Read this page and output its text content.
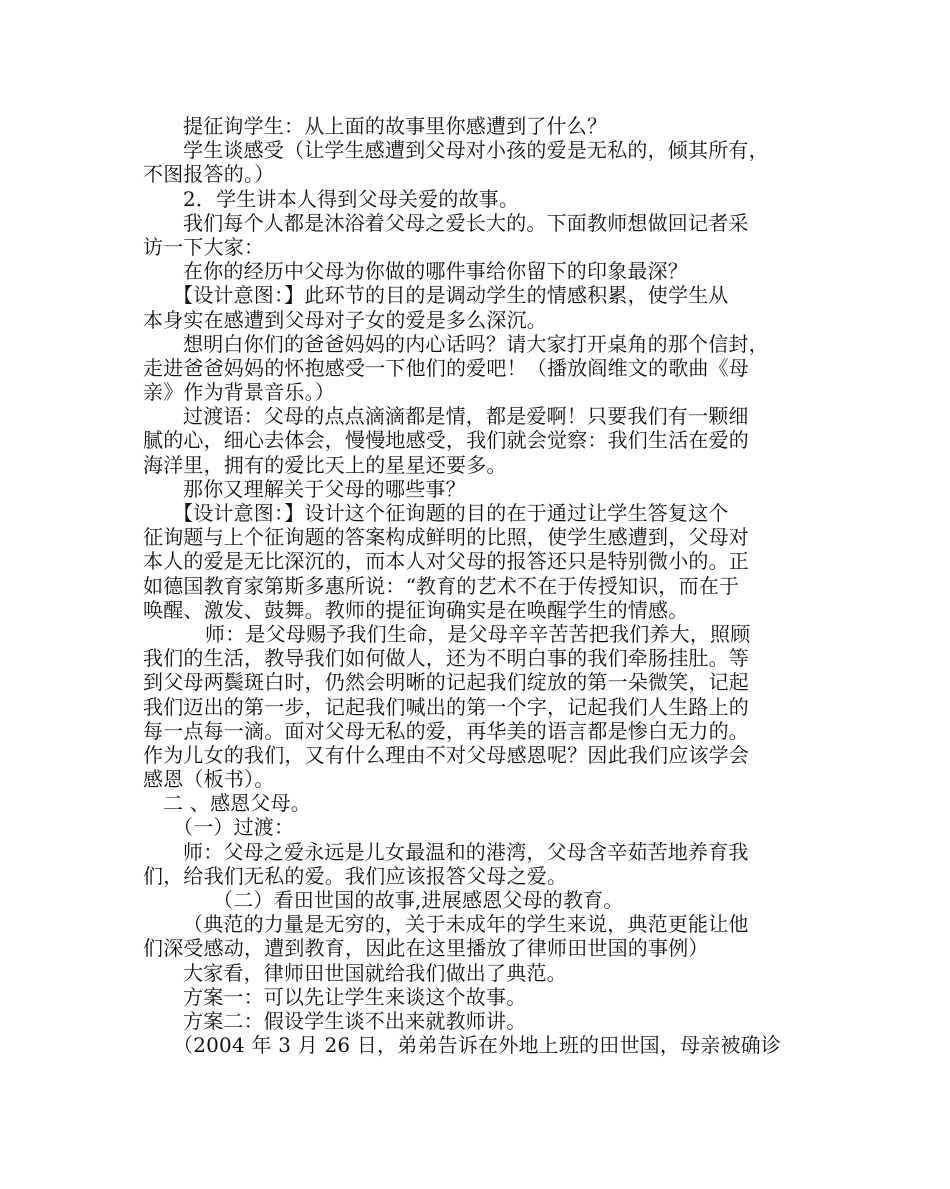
提征询学生：从上面的故事里你感遭到了什么？

学生谈感受（让学生感遭到父母对小孩的爱是无私的，倾其所有，

不图报答的。）

2．学生讲本人得到父母关爱的故事。

我们每个人都是沐浴着父母之爱长大的。下面教师想做回记者采

访一下大家：

在你的经历中父母为你做的哪件事给你留下的印象最深？

【设计意图：】此环节的目的是调动学生的情感积累，使学生从

本身实在感遭到父母对子女的爱是多么深沉。

想明白你们的爸爸妈妈的内心话吗？请大家打开桌角的那个信封，

走进爸爸妈妈的怀抱感受一下他们的爱吧！（播放阎维文的歌曲《母

亲》作为背景音乐。）

过渡语：父母的点点滴滴都是情，都是爱啊！只要我们有一颗细

腻的心，细心去体会，慢慢地感受，我们就会觉察：我们生活在爱的

海洋里，拥有的爱比天上的星星还要多。

那你又理解关于父母的哪些事？

【设计意图：】设计这个征询题的目的在于通过让学生答复这个

征询题与上个征询题的答案构成鲜明的比照，使学生感遭到，父母对

本人的爱是无比深沉的，而本人对父母的报答还只是特别微小的。正

如德国教育家第斯多惠所说：“教育的艺术不在于传授知识，而在于

唤醒、激发、鼓舞。教师的提征询确实是在唤醒学生的情感。

师：是父母赐予我们生命，是父母辛辛苦苦把我们养大，照顾

我们的生活，教导我们如何做人，还为不明白事的我们牵肠挂肚。等

到父母两鬓斑白时，仍然会明晰的记起我们绽放的第一朵微笑，记起

我们迈出的第一步，记起我们喊出的第一个字，记起我们人生路上的

每一点每一滴。面对父母无私的爱，再华美的语言都是惨白无力的。

作为儿女的我们，又有什么理由不对父母感恩呢？因此我们应该学会

感恩（板书）。

二 、感恩父母。

（一）过渡：

师：父母之爱永远是儿女最温和的港湾，父母含辛茹苦地养育我

们，给我们无私的爱。我们应该报答父母之爱。

（二）看田世国的故事,进展感恩父母的教育。

（典范的力量是无穷的，关于未成年的学生来说，典范更能让他

们深受感动，遭到教育，因此在这里播放了律师田世国的事例）

大家看，律师田世国就给我们做出了典范。

方案一：可以先让学生来谈这个故事。

方案二：假设学生谈不出来就教师讲。

（2004 年 3 月 26 日，弟弟告诉在外地上班的田世国，母亲被确诊
